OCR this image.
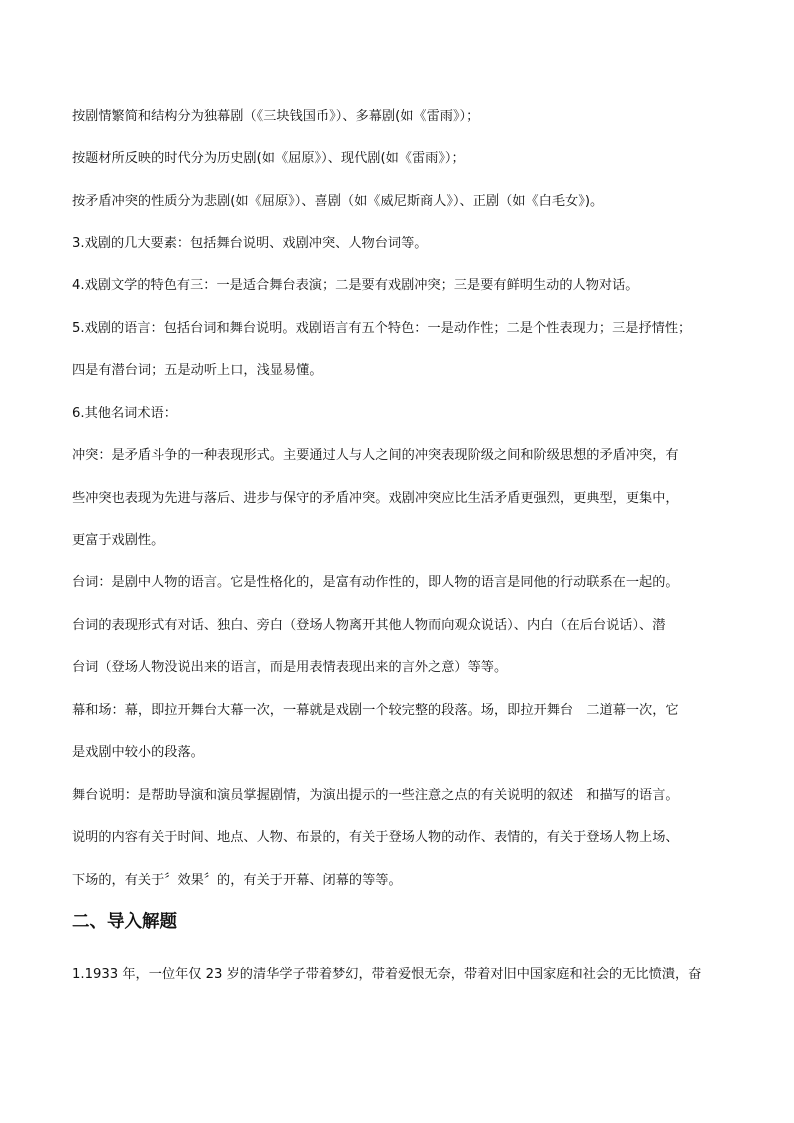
按剧情繁简和结构分为独幕剧（《三块钱国币》）、多幕剧(如《雷雨》）；
按题材所反映的时代分为历史剧(如《屈原》）、现代剧(如《雷雨》）；
按矛盾冲突的性质分为悲剧(如《屈原》）、喜剧（如《威尼斯商人》）、正剧（如《白毛女》)。
3.戏剧的几大要素：包括舞台说明、戏剧冲突、人物台词等。
4.戏剧文学的特色有三：一是适合舞台表演；二是要有戏剧冲突；三是要有鲜明生动的人物对话。
5.戏剧的语言：包括台词和舞台说明。戏剧语言有五个特色：一是动作性；二是个性表现力；三是抒情性；
四是有潜台词；五是动听上口，浅显易懂。
6.其他名词术语：
冲突：是矛盾斗争的一种表现形式。主要通过人与人之间的冲突表现阶级之间和阶级思想的矛盾冲突，有
些冲突也表现为先进与落后、进步与保守的矛盾冲突。戏剧冲突应比生活矛盾更强烈，更典型，更集中，
更富于戏剧性。
台词：是剧中人物的语言。它是性格化的，是富有动作性的，即人物的语言是同他的行动联系在一起的。
台词的表现形式有对话、独白、旁白（登场人物离开其他人物而向观众说话）、内白（在后台说话）、潜
台词（登场人物没说出来的语言，而是用表情表现出来的言外之意）等等。
幕和场：幕，即拉开舞台大幕一次，一幕就是戏剧一个较完整的段落。场，即拉开舞台　二道幕一次，它
是戏剧中较小的段落。
舞台说明：是帮助导演和演员掌握剧情，为演出提示的一些注意之点的有关说明的叙述　和描写的语言。
说明的内容有关于时间、地点、人物、布景的，有关于登场人物的动作、表情的，有关于登场人物上场、
下场的，有关于〞效果〞的，有关于开幕、闭幕的等等。
二、导入解题
1.1933 年，一位年仅 23 岁的清华学子带着梦幻，带着爱恨无奈，带着对旧中国家庭和社会的无比愤潰，奋
